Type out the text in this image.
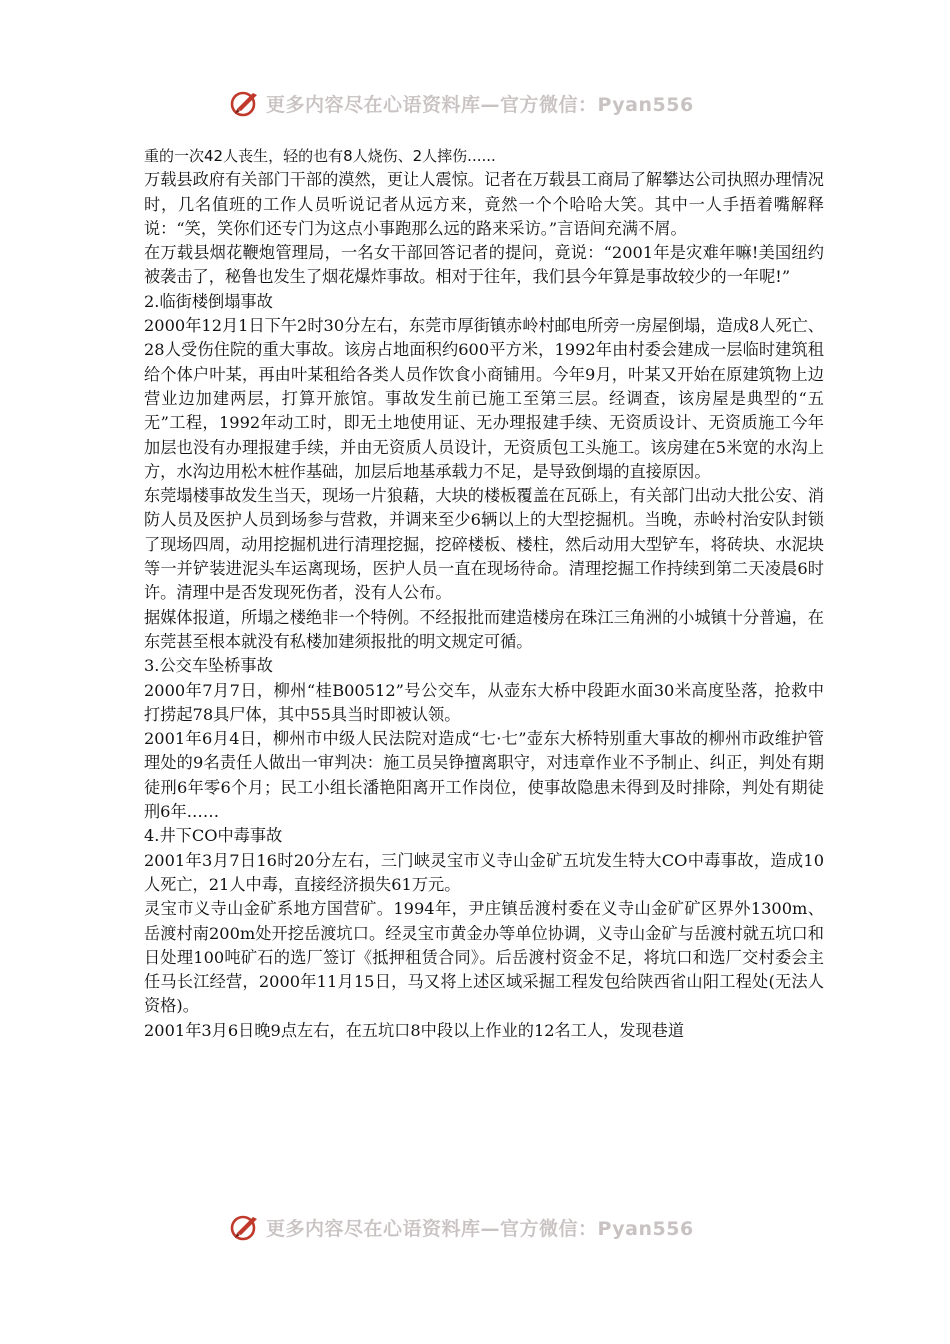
更多内容尽在心语资料库—官方微信：Pyan556

重的一次42人丧生，轻的也有8人烧伤、2人摔伤......

万载县政府有关部门干部的漠然，更让人震惊。记者在万载县工商局了解攀达公司执照办理情况时，几名值班的工作人员听说记者从远方来，竟然一个个哈哈大笑。其中一人手捂着嘴解释说：“笑，笑你们还专门为这点小事跑那么远的路来采访。”言语间充满不屑。

在万载县烟花鞭炮管理局，一名女干部回答记者的提问，竟说：“2001年是灾难年嘛!美国纽约被袭击了，秘鲁也发生了烟花爆炸事故。相对于往年，我们县今年算是事故较少的一年呢!”

2.临街楼倒塌事故

2000年12月1日下午2时30分左右，东莞市厚街镇赤岭村邮电所旁一房屋倒塌，造成8人死亡、28人受伤住院的重大事故。该房占地面积约600平方米，1992年由村委会建成一层临时建筑租给个体户叶某，再由叶某租给各类人员作饮食小商铺用。今年9月，叶某又开始在原建筑物上边营业边加建两层，打算开旅馆。事故发生前已施工至第三层。经调查，该房屋是典型的“五无”工程，1992年动工时，即无土地使用证、无办理报建手续、无资质设计、无资质施工今年加层也没有办理报建手续，并由无资质人员设计，无资质包工头施工。该房建在5米宽的水沟上方，水沟边用松木桩作基础，加层后地基承载力不足，是导致倒塌的直接原因。

东莞塌楼事故发生当天，现场一片狼藉，大块的楼板覆盖在瓦砾上，有关部门出动大批公安、消防人员及医护人员到场参与营救，并调来至少6辆以上的大型挖掘机。当晚，赤岭村治安队封锁了现场四周，动用挖掘机进行清理挖掘，挖碎楼板、楼柱，然后动用大型铲车，将砖块、水泥块等一并铲装进泥头车运离现场，医护人员一直在现场待命。清理挖掘工作持续到第二天凌晨6时许。清理中是否发现死伤者，没有人公布。

据媒体报道，所塌之楼绝非一个特例。不经报批而建造楼房在珠江三角洲的小城镇十分普遍，在东莞甚至根本就没有私楼加建须报批的明文规定可循。

3.公交车坠桥事故

2000年7月7日，柳州“桂B00512”号公交车，从壶东大桥中段距水面30米高度坠落，抢救中打捞起78具尸体，其中55具当时即被认领。

2001年6月4日，柳州市中级人民法院对造成“七·七”壶东大桥特别重大事故的柳州市政维护管理处的9名责任人做出一审判决：施工员吴铮擅离职守，对违章作业不予制止、纠正，判处有期徒刑6年零6个月；民工小组长潘艳阳离开工作岗位，使事故隐患未得到及时排除，判处有期徒刑6年……

4.井下CO中毒事故

2001年3月7日16时20分左右，三门峡灵宝市义寺山金矿五坑发生特大CO中毒事故，造成10人死亡，21人中毒，直接经济损失61万元。

灵宝市义寺山金矿系地方国营矿。1994年，尹庄镇岳渡村委在义寺山金矿矿区界外1300m、岳渡村南200m处开挖岳渡坑口。经灵宝市黄金办等单位协调，义寺山金矿与岳渡村就五坑口和日处理100吨矿石的选厂签订《抵押租赁合同》。后岳渡村资金不足，将坑口和选厂交村委会主任马长江经营，2000年11月15日，马又将上述区域采掘工程发包给陕西省山阳工程处(无法人资格)。

2001年3月6日晚9点左右，在五坑口8中段以上作业的12名工人，发现巷道

更多内容尽在心语资料库—官方微信：Pyan556
